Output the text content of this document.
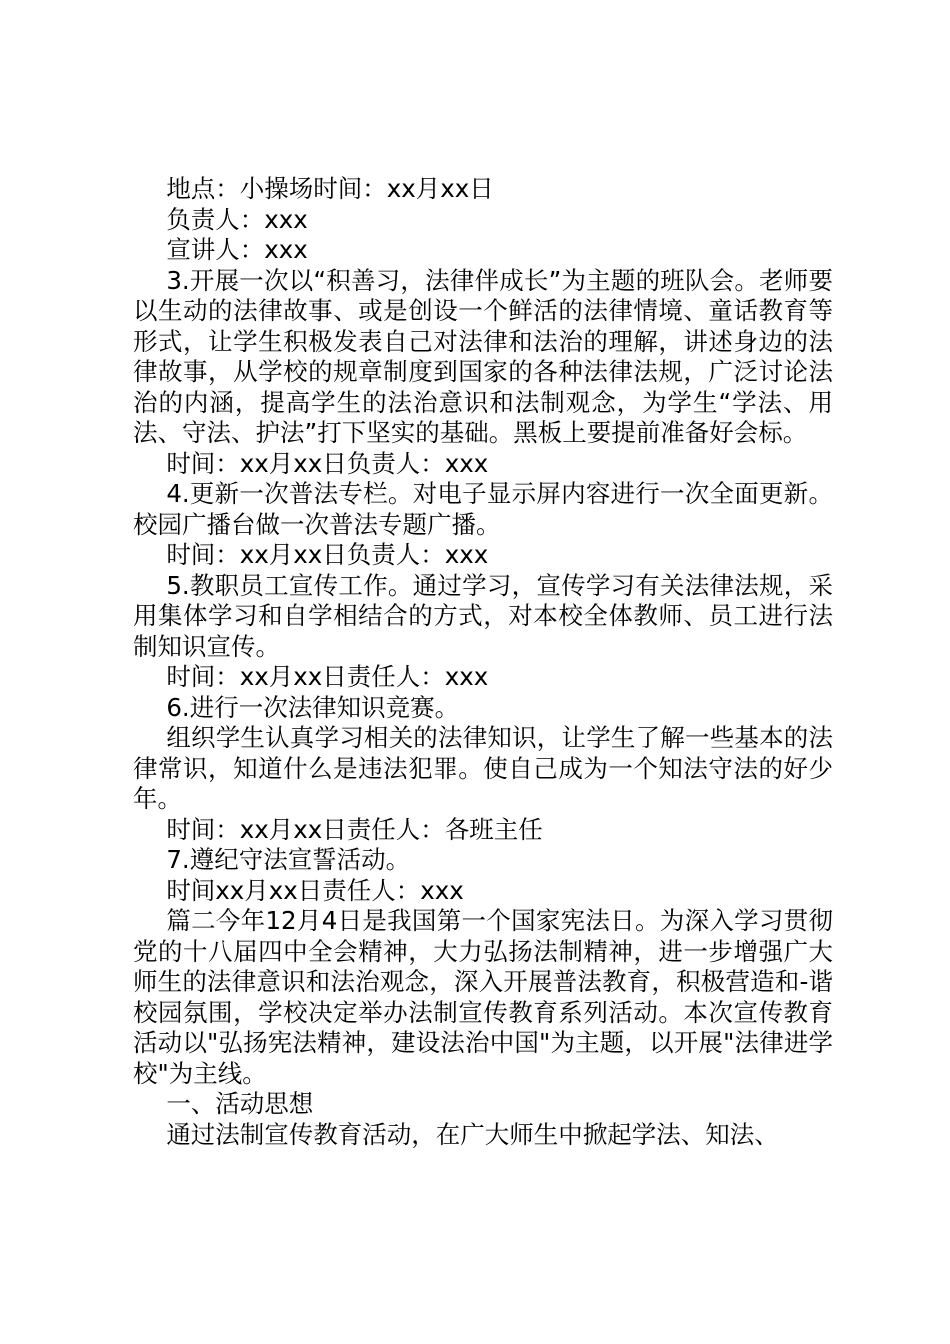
地点：小操场时间：xx月xx日

负责人：xxx

宣讲人：xxx

3.开展一次以“积善习，法律伴成长”为主题的班队会。老师要以生动的法律故事、或是创设一个鲜活的法律情境、童话教育等形式，让学生积极发表自己对法律和法治的理解，讲述身边的法律故事，从学校的规章制度到国家的各种法律法规，广泛讨论法治的内涵，提高学生的法治意识和法制观念，为学生“学法、用法、守法、护法”打下坚实的基础。黑板上要提前准备好会标。

时间：xx月xx日负责人：xxx

4.更新一次普法专栏。对电子显示屏内容进行一次全面更新。校园广播台做一次普法专题广播。

时间：xx月xx日负责人：xxx

5.教职员工宣传工作。通过学习，宣传学习有关法律法规，采用集体学习和自学相结合的方式，对本校全体教师、员工进行法制知识宣传。

时间：xx月xx日责任人：xxx

6.进行一次法律知识竞赛。

组织学生认真学习相关的法律知识，让学生了解一些基本的法律常识，知道什么是违法犯罪。使自己成为一个知法守法的好少年。

时间：xx月xx日责任人：各班主任

7.遵纪守法宣誓活动。

时间xx月xx日责任人：xxx

篇二今年12月4日是我国第一个国家宪法日。为深入学习贯彻党的十八届四中全会精神，大力弘扬法制精神，进一步增强广大师生的法律意识和法治观念，深入开展普法教育，积极营造和-谐校园氛围，学校决定举办法制宣传教育系列活动。本次宣传教育活动以"弘扬宪法精神，建设法治中国"为主题，以开展"法律进学校"为主线。

一、活动思想

通过法制宣传教育活动，在广大师生中掀起学法、知法、
